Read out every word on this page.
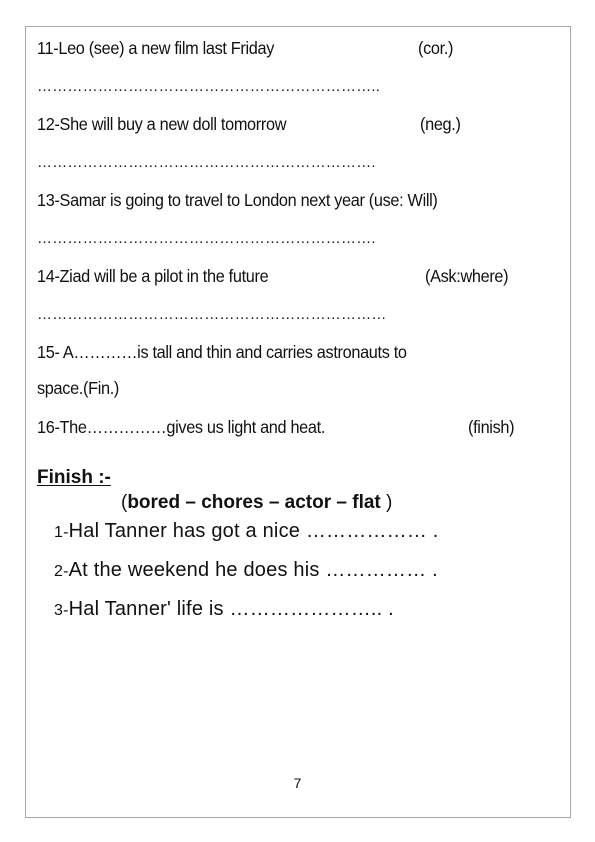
11-Leo (see) a new film last Friday	(cor.)
…………………………………………………………..
12-She will buy a new doll tomorrow	(neg.)
………………………………………………………….
13-Samar is going to travel to London next year (use: Will)
………………………………………………………….
14-Ziad will be a pilot in the future	(Ask:where)
……………………………………………………………
15- A…………is tall and thin and carries astronauts to
space.(Fin.)
16-The……………gives us light and heat.	(finish)
Finish :-
(bored – chores – actor – flat )
1-Hal Tanner has got a nice ……………… .
2-At the weekend he does his …………… .
3-Hal Tanner' life is ………………….. .
7
